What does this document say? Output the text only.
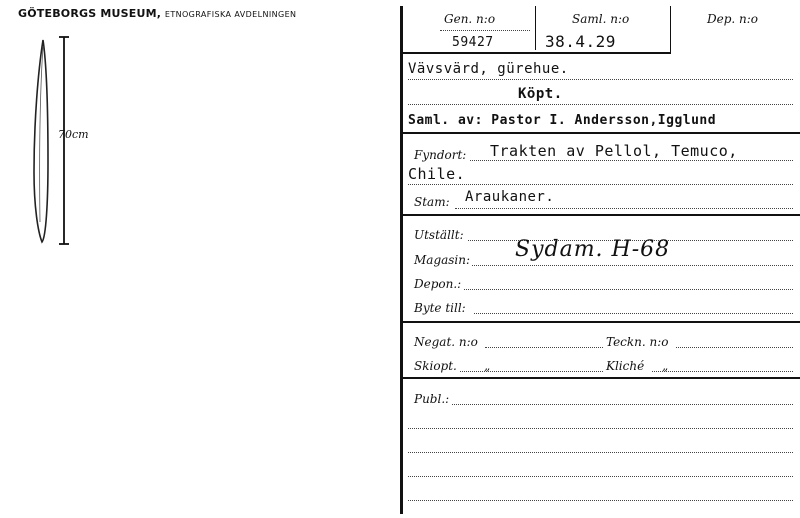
GÖTEBORGS MUSEUM, ETNOGRAFISKA AVDELNINGEN
70cm
Gen. n:o
59427
Saml. n:o
38.4.29
Dep. n:o
Vävsvärd, gürehue.
Köpt.
Saml. av: Pastor I. Andersson,Igglund
Fyndort: Trakten av Pellol, Temuco,
Chile.
Stam: Araukaner.
Utställt:
Magasin: Sydam. H-68
Depon.:
Byte till:
Negat. n:o	Teckn. n:o
Skiopt. „	Kliché „
Publ.:
